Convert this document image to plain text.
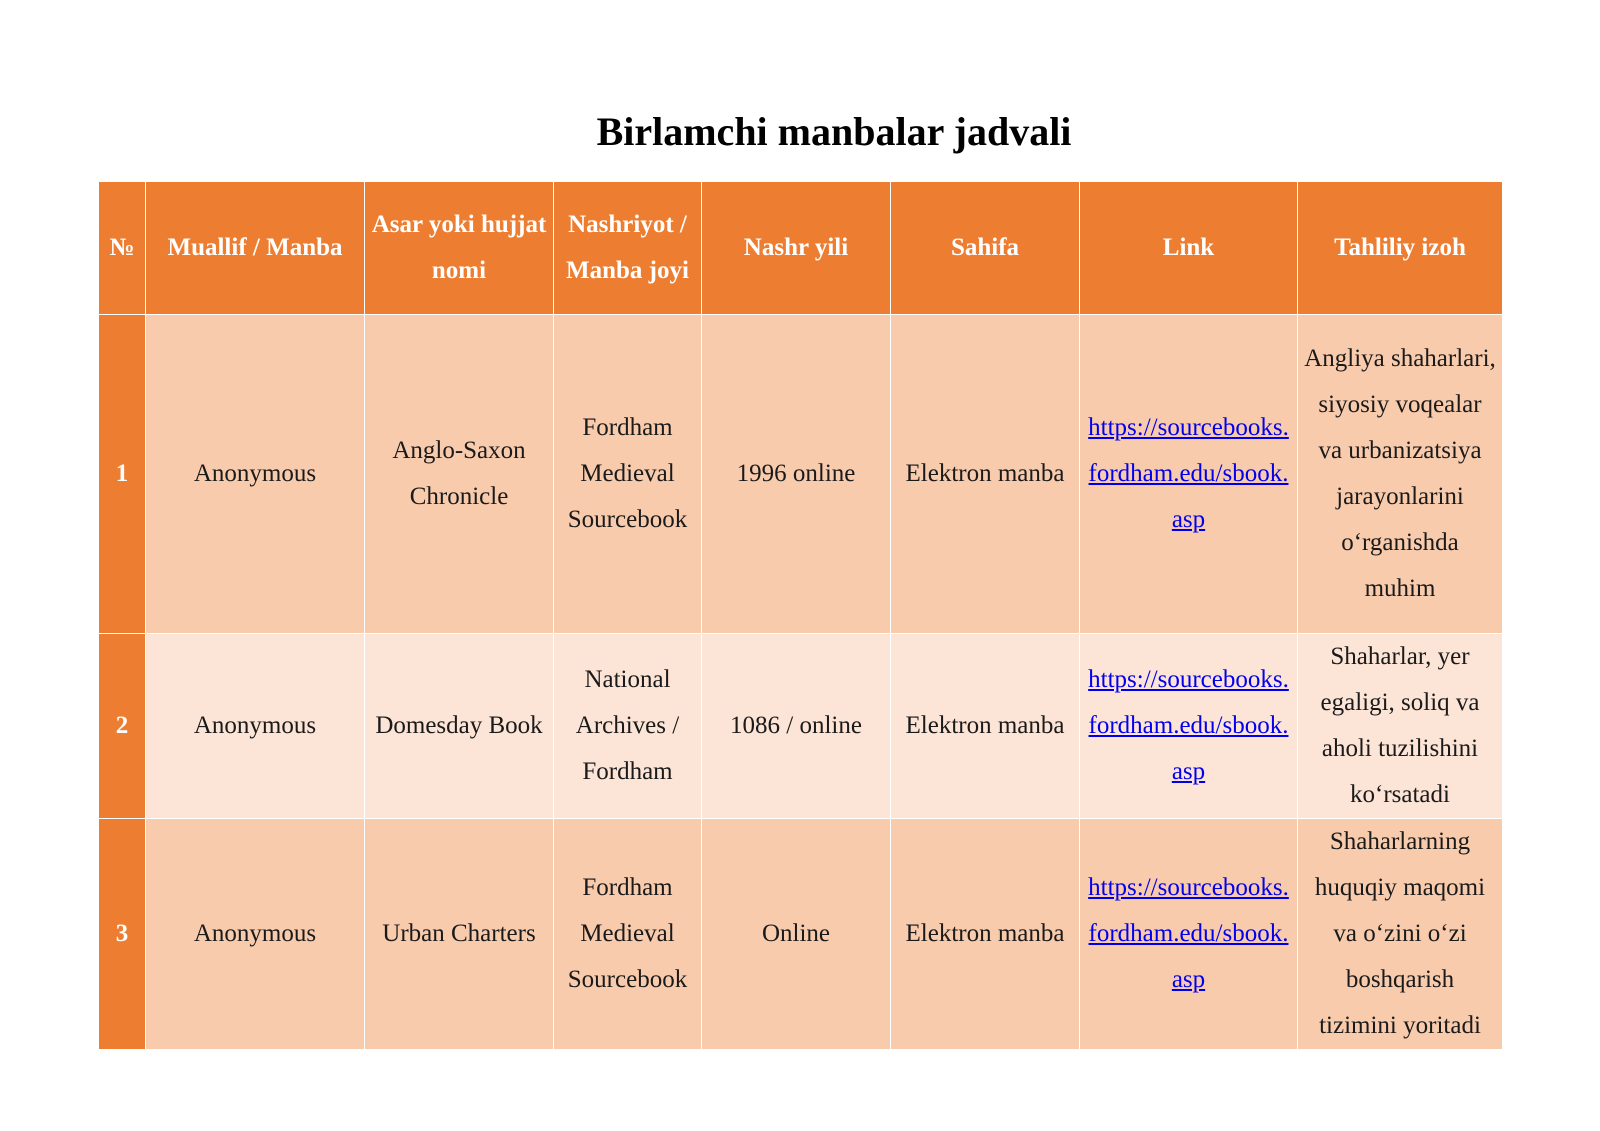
Birlamchi manbalar jadvali
№	Muallif / Manba	Asar yoki hujjat nomi	Nashriyot / Manba joyi	Nashr yili	Sahifa	Link	Tahliliy izoh
1	Anonymous	Anglo-Saxon Chronicle	Fordham Medieval Sourcebook	1996 online	Elektron manba	https://sourcebooks.fordham.edu/sbook.asp	Angliya shaharlari, siyosiy voqealar va urbanizatsiya jarayonlarini o‘rganishda muhim
2	Anonymous	Domesday Book	National Archives / Fordham	1086 / online	Elektron manba	https://sourcebooks.fordham.edu/sbook.asp	Shaharlar, yer egaligi, soliq va aholi tuzilishini ko‘rsatadi
3	Anonymous	Urban Charters	Fordham Medieval Sourcebook	Online	Elektron manba	https://sourcebooks.fordham.edu/sbook.asp	Shaharlarning huquqiy maqomi va o‘zini o‘zi boshqarish tizimini yoritadi
